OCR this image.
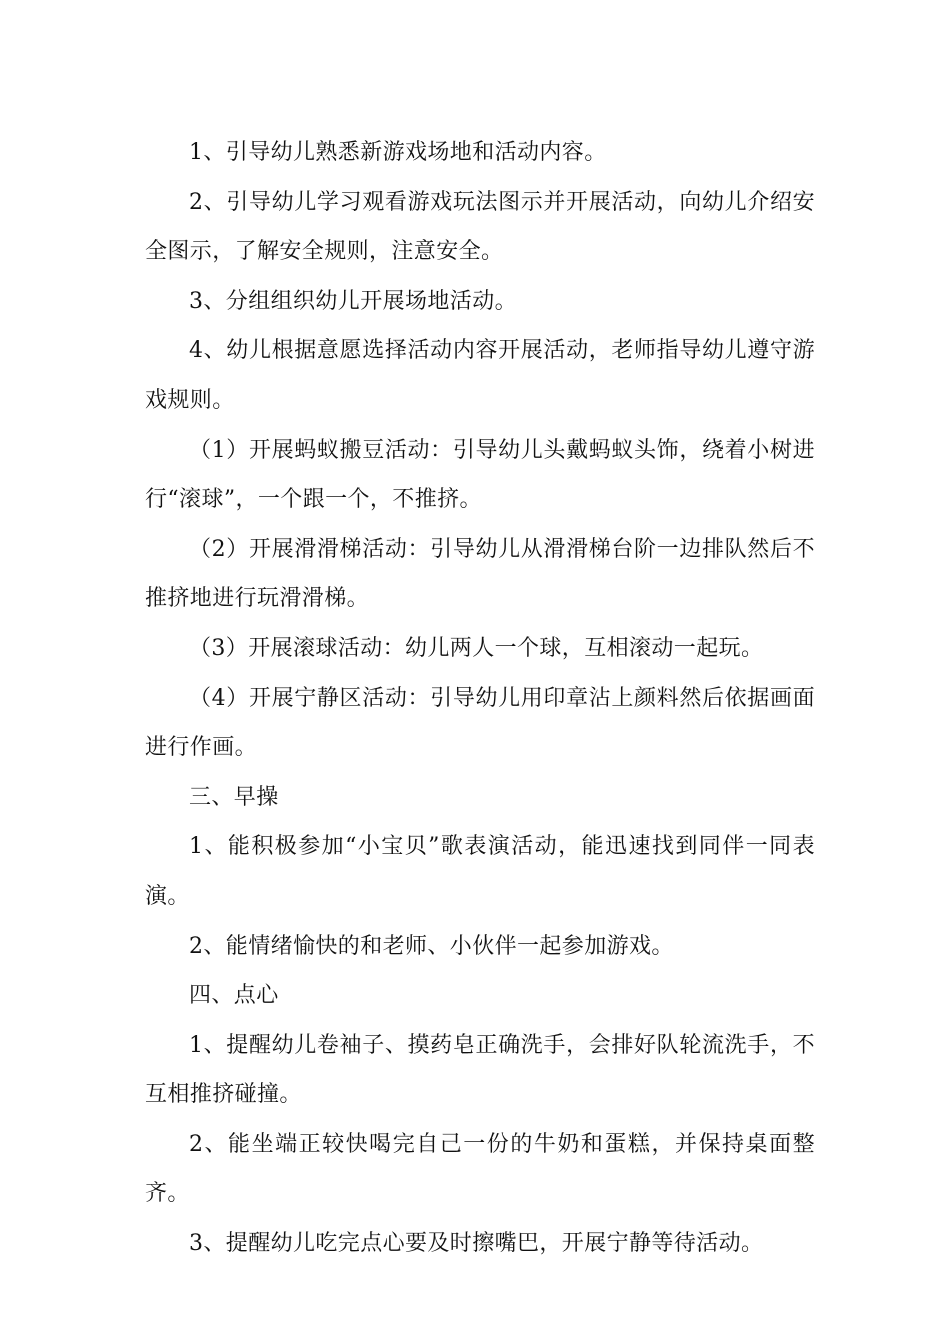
1、引导幼儿熟悉新游戏场地和活动内容。

2、引导幼儿学习观看游戏玩法图示并开展活动，向幼儿介绍安全图示，了解安全规则，注意安全。

3、分组组织幼儿开展场地活动。

4、幼儿根据意愿选择活动内容开展活动，老师指导幼儿遵守游戏规则。

（1）开展蚂蚁搬豆活动：引导幼儿头戴蚂蚁头饰，绕着小树进行“滚球”，一个跟一个，不推挤。

（2）开展滑滑梯活动：引导幼儿从滑滑梯台阶一边排队然后不推挤地进行玩滑滑梯。

（3）开展滚球活动：幼儿两人一个球，互相滚动一起玩。

（4）开展宁静区活动：引导幼儿用印章沾上颜料然后依据画面进行作画。

三、早操

1、能积极参加“小宝贝”歌表演活动，能迅速找到同伴一同表演。

2、能情绪愉快的和老师、小伙伴一起参加游戏。

四、点心

1、提醒幼儿卷袖子、摸药皂正确洗手，会排好队轮流洗手，不互相推挤碰撞。

2、能坐端正较快喝完自己一份的牛奶和蛋糕，并保持桌面整齐。

3、提醒幼儿吃完点心要及时擦嘴巴，开展宁静等待活动。
